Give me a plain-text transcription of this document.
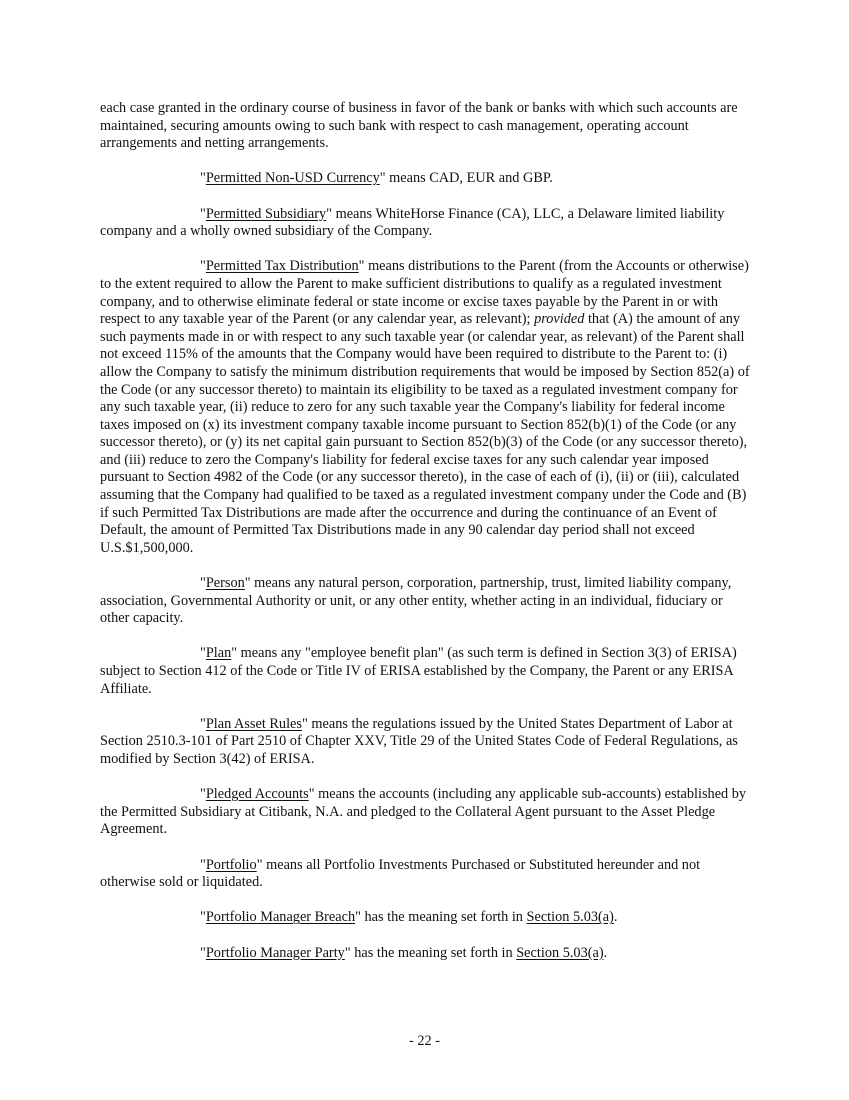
each case granted in the ordinary course of business in favor of the bank or banks with which such accounts are maintained, securing amounts owing to such bank with respect to cash management, operating account arrangements and netting arrangements.

"Permitted Non-USD Currency" means CAD, EUR and GBP.

"Permitted Subsidiary" means WhiteHorse Finance (CA), LLC, a Delaware limited liability company and a wholly owned subsidiary of the Company.

"Permitted Tax Distribution" means distributions to the Parent (from the Accounts or otherwise) to the extent required to allow the Parent to make sufficient distributions to qualify as a regulated investment company, and to otherwise eliminate federal or state income or excise taxes payable by the Parent in or with respect to any taxable year of the Parent (or any calendar year, as relevant); provided that (A) the amount of any such payments made in or with respect to any such taxable year (or calendar year, as relevant) of the Parent shall not exceed 115% of the amounts that the Company would have been required to distribute to the Parent to: (i) allow the Company to satisfy the minimum distribution requirements that would be imposed by Section 852(a) of the Code (or any successor thereto) to maintain its eligibility to be taxed as a regulated investment company for any such taxable year, (ii) reduce to zero for any such taxable year the Company's liability for federal income taxes imposed on (x) its investment company taxable income pursuant to Section 852(b)(1) of the Code (or any successor thereto), or (y) its net capital gain pursuant to Section 852(b)(3) of the Code (or any successor thereto), and (iii) reduce to zero the Company's liability for federal excise taxes for any such calendar year imposed pursuant to Section 4982 of the Code (or any successor thereto), in the case of each of (i), (ii) or (iii), calculated assuming that the Company had qualified to be taxed as a regulated investment company under the Code and (B) if such Permitted Tax Distributions are made after the occurrence and during the continuance of an Event of Default, the amount of Permitted Tax Distributions made in any 90 calendar day period shall not exceed U.S.$1,500,000.

"Person" means any natural person, corporation, partnership, trust, limited liability company, association, Governmental Authority or unit, or any other entity, whether acting in an individual, fiduciary or other capacity.

"Plan" means any "employee benefit plan" (as such term is defined in Section 3(3) of ERISA) subject to Section 412 of the Code or Title IV of ERISA established by the Company, the Parent or any ERISA Affiliate.

"Plan Asset Rules" means the regulations issued by the United States Department of Labor at Section 2510.3-101 of Part 2510 of Chapter XXV, Title 29 of the United States Code of Federal Regulations, as modified by Section 3(42) of ERISA.

"Pledged Accounts" means the accounts (including any applicable sub-accounts) established by the Permitted Subsidiary at Citibank, N.A. and pledged to the Collateral Agent pursuant to the Asset Pledge Agreement.

"Portfolio" means all Portfolio Investments Purchased or Substituted hereunder and not otherwise sold or liquidated.

"Portfolio Manager Breach" has the meaning set forth in Section 5.03(a).

"Portfolio Manager Party" has the meaning set forth in Section 5.03(a).

- 22 -
